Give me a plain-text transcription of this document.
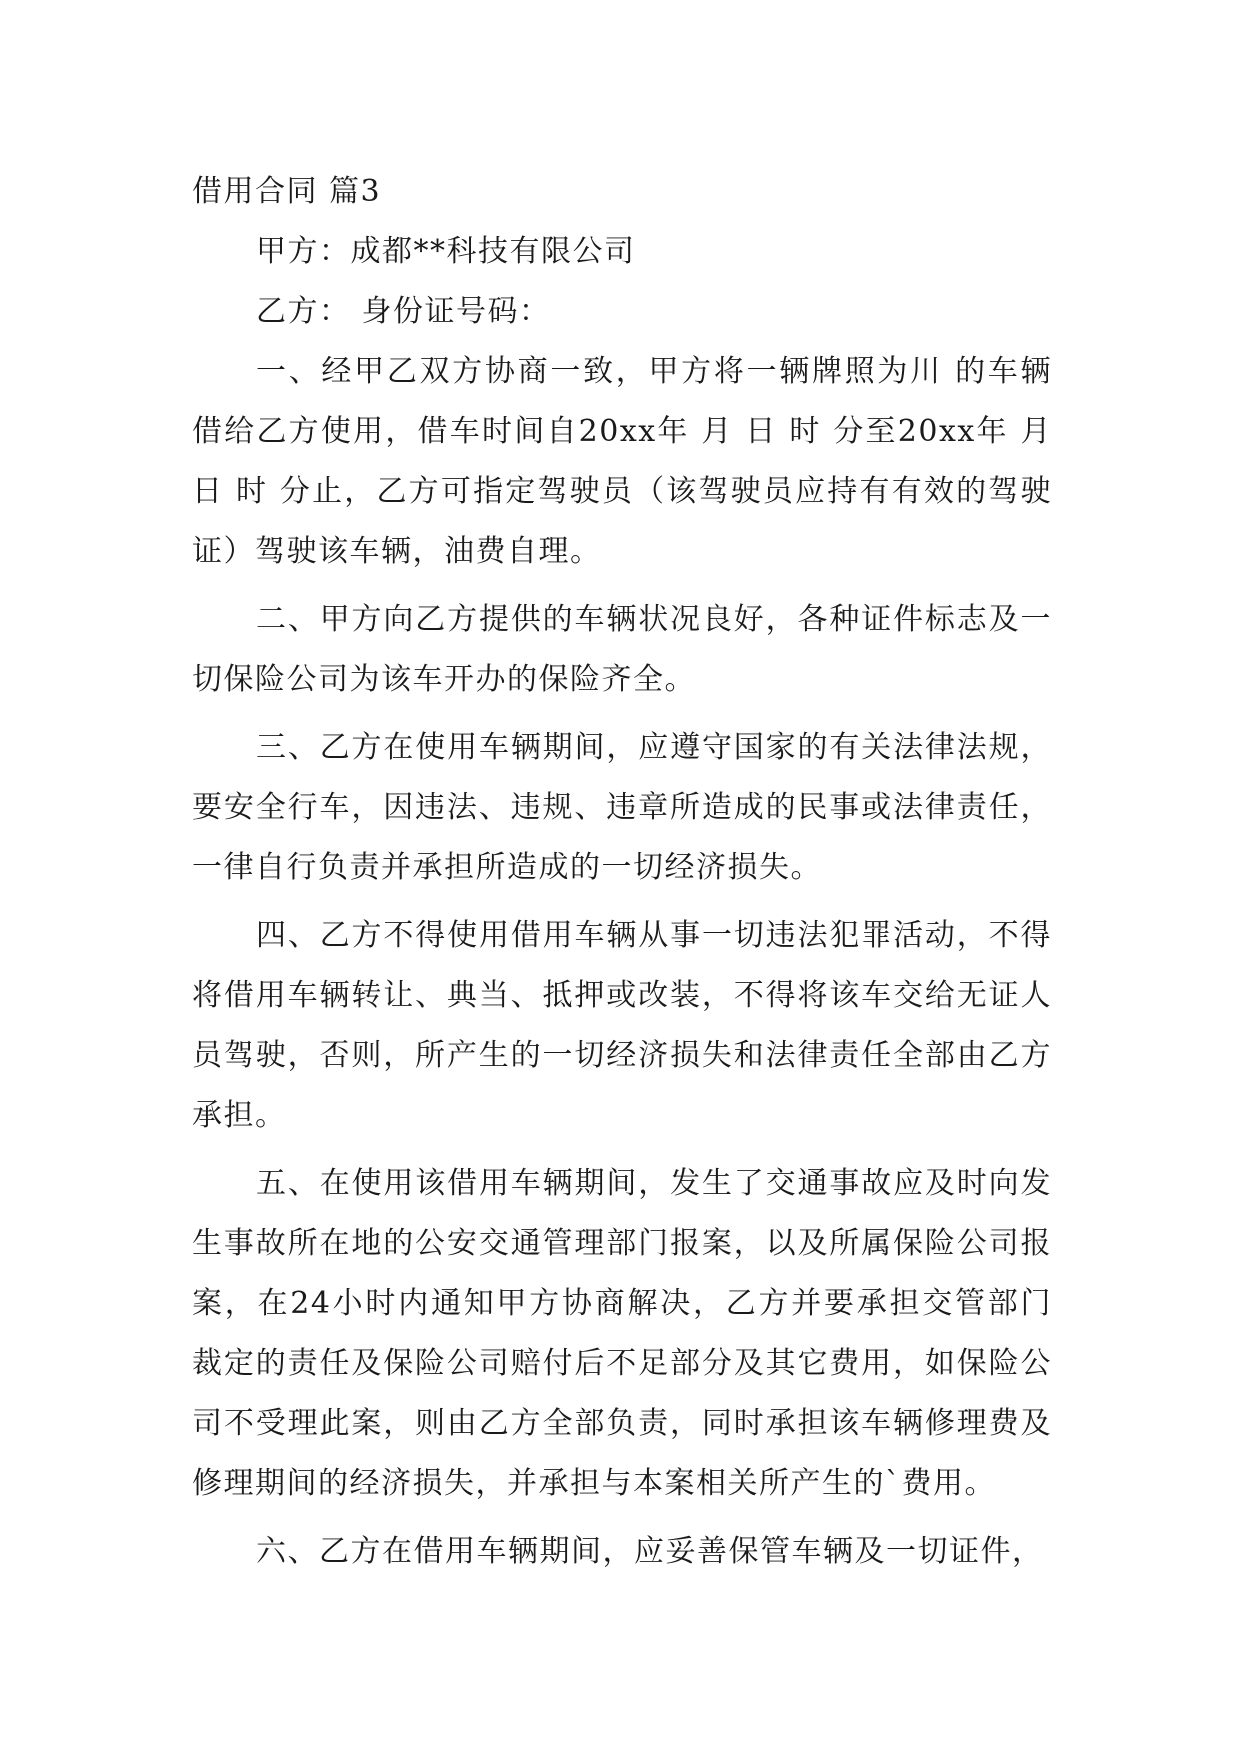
借用合同 篇3

甲方：成都**科技有限公司

乙方： 身份证号码：

一、经甲乙双方协商一致，甲方将一辆牌照为川 的车辆借给乙方使用，借车时间自20xx年 月 日 时 分至20xx年 月 日 时 分止，乙方可指定驾驶员（该驾驶员应持有有效的驾驶证）驾驶该车辆，油费自理。

二、甲方向乙方提供的车辆状况良好，各种证件标志及一切保险公司为该车开办的保险齐全。

三、乙方在使用车辆期间，应遵守国家的有关法律法规，要安全行车，因违法、违规、违章所造成的民事或法律责任，一律自行负责并承担所造成的一切经济损失。

四、乙方不得使用借用车辆从事一切违法犯罪活动，不得将借用车辆转让、典当、抵押或改装，不得将该车交给无证人员驾驶，否则，所产生的一切经济损失和法律责任全部由乙方承担。

五、在使用该借用车辆期间，发生了交通事故应及时向发生事故所在地的公安交通管理部门报案，以及所属保险公司报案，在24小时内通知甲方协商解决，乙方并要承担交管部门裁定的责任及保险公司赔付后不足部分及其它费用，如保险公司不受理此案，则由乙方全部负责，同时承担该车辆修理费及修理期间的经济损失，并承担与本案相关所产生的`费用。

六、乙方在借用车辆期间，应妥善保管车辆及一切证件，
